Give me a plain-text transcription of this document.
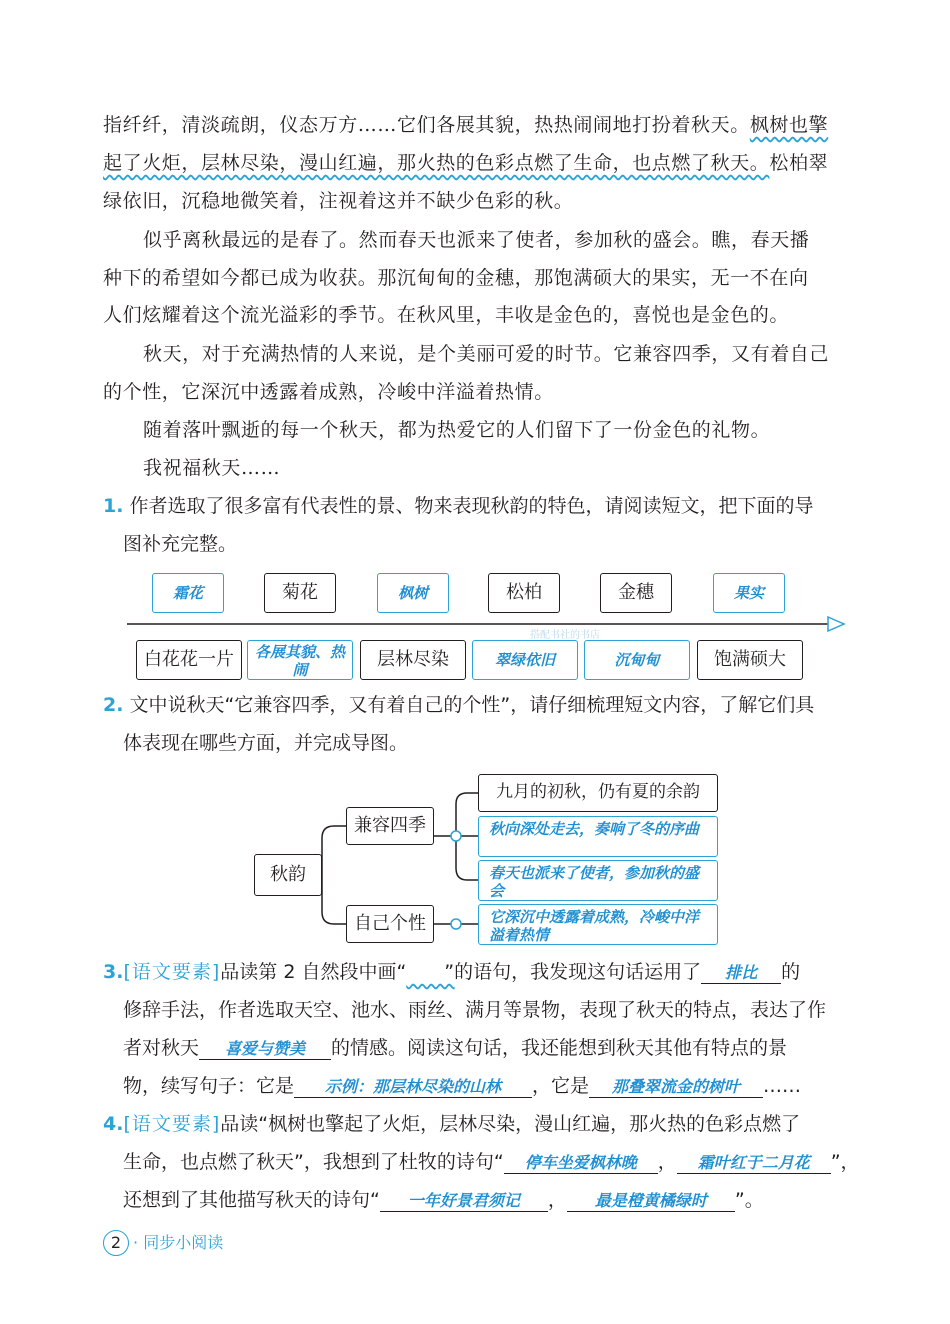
指纤纤，清淡疏朗，仪态万方……它们各展其貌，热热闹闹地打扮着秋天。枫树也擎
起了火炬，层林尽染，漫山红遍，那火热的色彩点燃了生命，也点燃了秋天。松柏翠
绿依旧，沉稳地微笑着，注视着这并不缺少色彩的秋。
似乎离秋最远的是春了。然而春天也派来了使者，参加秋的盛会。瞧，春天播
种下的希望如今都已成为收获。那沉甸甸的金穗，那饱满硕大的果实，无一不在向
人们炫耀着这个流光溢彩的季节。在秋风里，丰收是金色的，喜悦也是金色的。
秋天，对于充满热情的人来说，是个美丽可爱的时节。它兼容四季，又有着自己
的个性，它深沉中透露着成熟，冷峻中洋溢着热情。
随着落叶飘逝的每一个秋天，都为热爱它的人们留下了一份金色的礼物。
我祝福秋天……
1. 作者选取了很多富有代表性的景、物来表现秋韵的特色，请阅读短文，把下面的导
图补充完整。
霜花	菊花	枫树	松柏	金穗	果实
白花花一片	各展其貌、热闹	层林尽染	翠绿依旧	沉甸甸	饱满硕大
搭配书社的书店
2. 文中说秋天“它兼容四季，又有着自己的个性”，请仔细梳理短文内容，了解它们具
体表现在哪些方面，并完成导图。
秋韵
兼容四季
自己个性
九月的初秋，仍有夏的余韵
秋向深处走去，奏响了冬的序曲
春天也派来了使者，参加秋的盛会
它深沉中透露着成熟，冷峻中洋溢着热情
3.[语文要素]品读第 2 自然段中画“ ”的语句，我发现这句话运用了 排比 的
修辞手法，作者选取天空、池水、雨丝、满月等景物，表现了秋天的特点，表达了作
者对秋天 喜爱与赞美 的情感。阅读这句话，我还能想到秋天其他有特点的景
物，续写句子：它是 示例：那层林尽染的山林 ，它是 那叠翠流金的树叶 ……
4.[语文要素]品读“枫树也擎起了火炬，层林尽染，漫山红遍，那火热的色彩点燃了
生命，也点燃了秋天”，我想到了杜牧的诗句“ 停车坐爱枫林晚 ， 霜叶红于二月花 ”，
还想到了其他描写秋天的诗句“ 一年好景君须记 ， 最是橙黄橘绿时 ”。
2 · 同步小阅读
